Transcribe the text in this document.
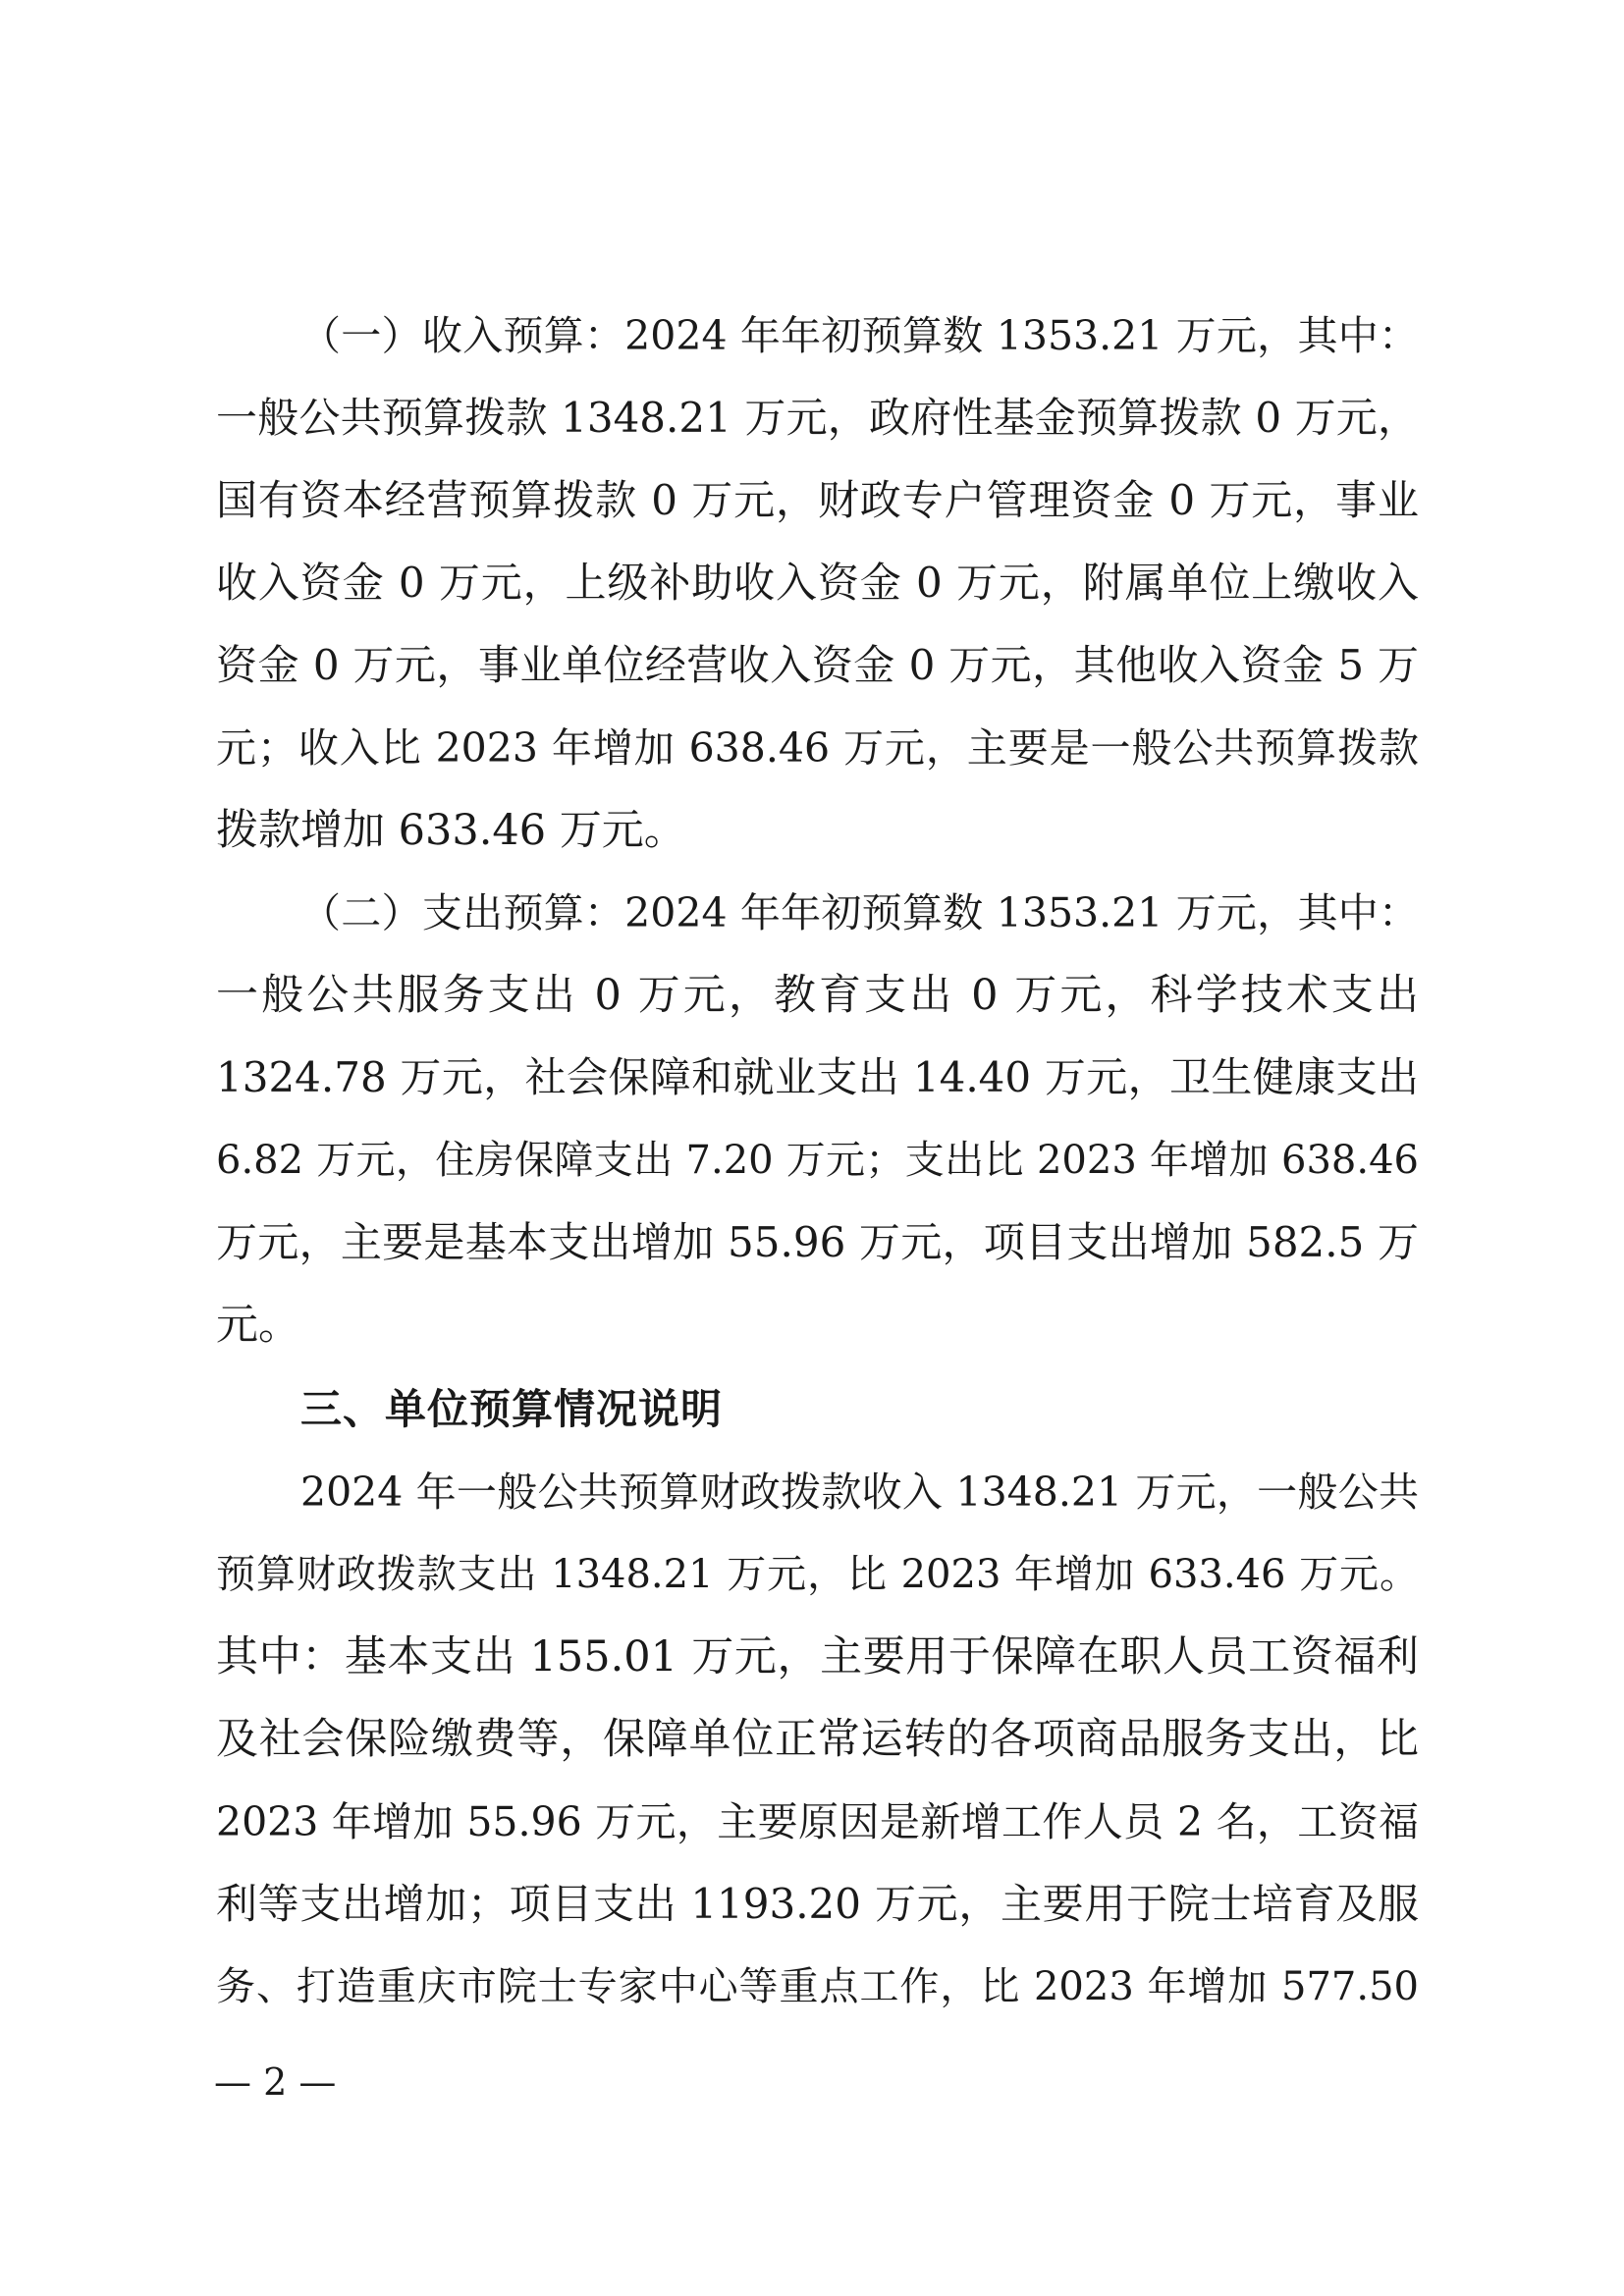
（一）收入预算：2024 年年初预算数 1353.21 万元，其中：
一般公共预算拨款 1348.21 万元，政府性基金预算拨款 0 万元，
国有资本经营预算拨款 0 万元，财政专户管理资金 0 万元，事业
收入资金 0 万元，上级补助收入资金 0 万元，附属单位上缴收入
资金 0 万元，事业单位经营收入资金 0 万元，其他收入资金 5 万
元；收入比 2023 年增加 638.46 万元，主要是一般公共预算拨款
拨款增加 633.46 万元。
（二）支出预算：2024 年年初预算数 1353.21 万元，其中：
一般公共服务支出 0 万元，教育支出 0 万元，科学技术支出
1324.78 万元，社会保障和就业支出 14.40 万元，卫生健康支出
6.82 万元，住房保障支出 7.20 万元；支出比 2023 年增加 638.46
万元，主要是基本支出增加 55.96 万元，项目支出增加 582.5 万
元。
三、单位预算情况说明
2024 年一般公共预算财政拨款收入 1348.21 万元，一般公共
预算财政拨款支出 1348.21 万元，比 2023 年增加 633.46 万元。
其中：基本支出 155.01 万元，主要用于保障在职人员工资福利
及社会保险缴费等，保障单位正常运转的各项商品服务支出，比
2023 年增加 55.96 万元，主要原因是新增工作人员 2 名，工资福
利等支出增加；项目支出 1193.20 万元，主要用于院士培育及服
务、打造重庆市院士专家中心等重点工作，比 2023 年增加 577.50
— 2 —
